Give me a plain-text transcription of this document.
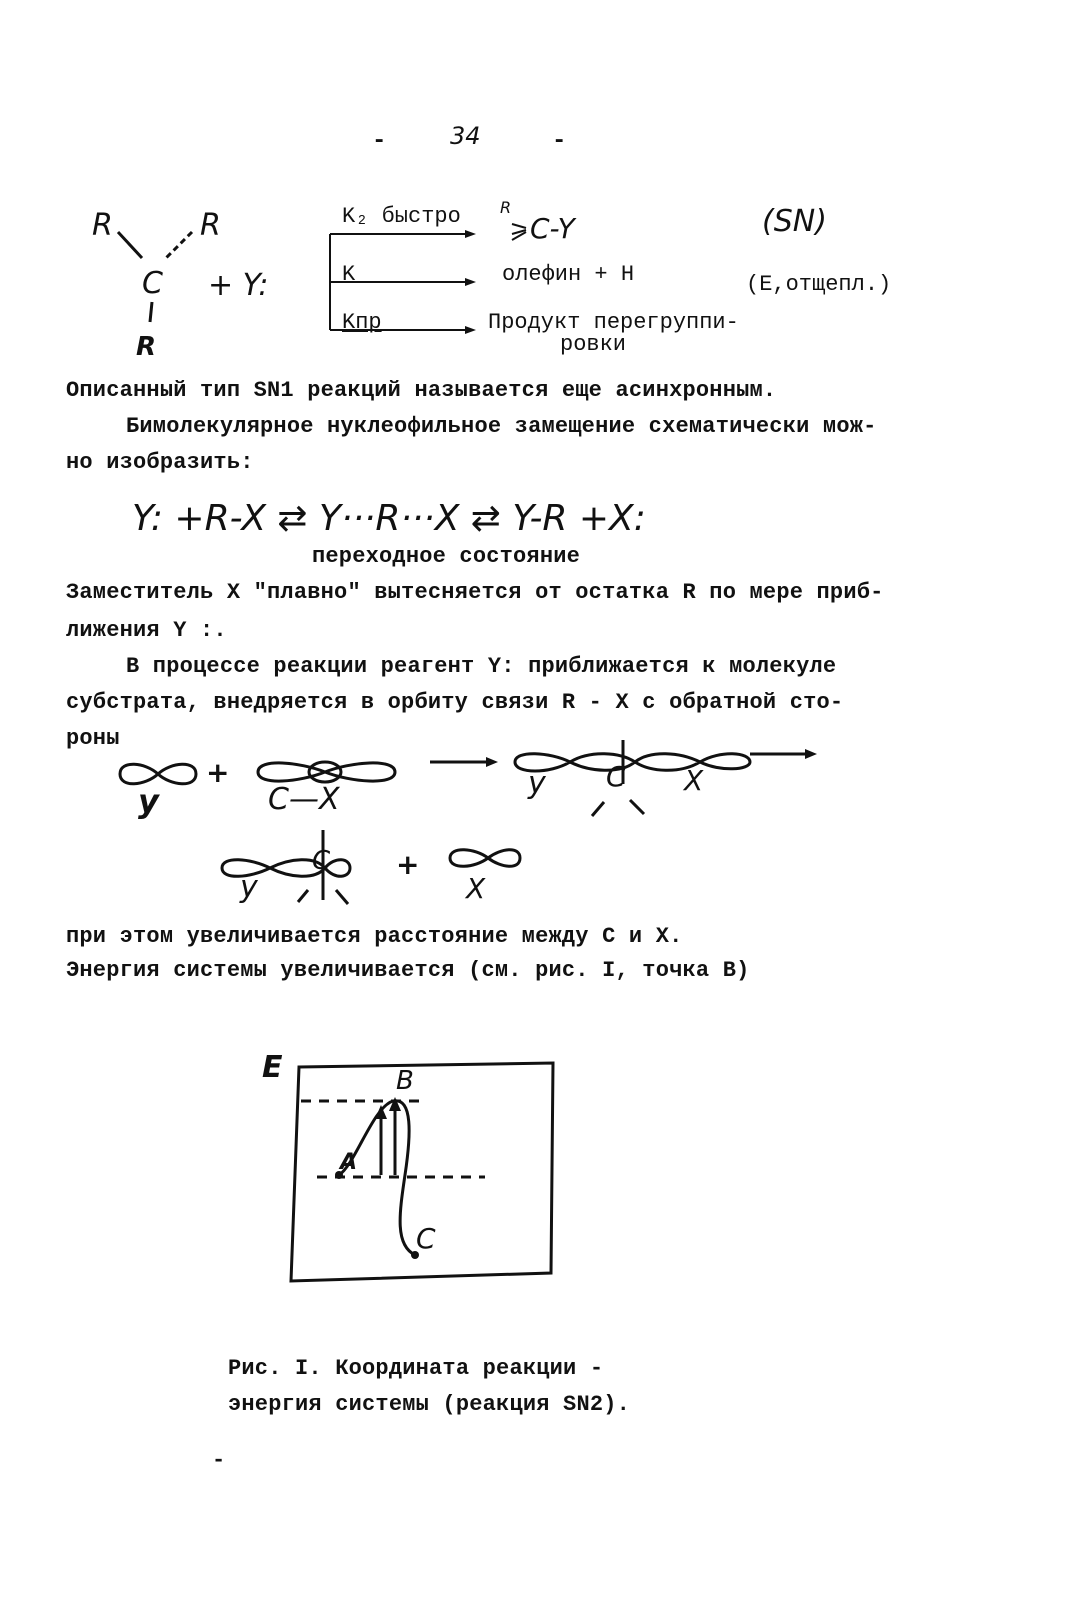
-	34	-
R	R
C
R
+ Y:
K₂ быстро R
C-Y	(SN)
K	олефин + H	(E,отщепл.)
Kпр	Продукт перегруппи-
ровки
Описанный тип SN1 реакций называется еще асинхронным.
Бимолекулярное нуклеофильное замещение схематически мож-
но изобразить:
Y: +R-X ⇄ Y···R···X ⇄ Y-R +X:
переходное состояние
Заместитель X "плавно" вытесняется от остатка R по мере приб-
лижения Y :.
В процессе реакции реагент Y: приближается к молекуле
субстрата, внедряется в орбиту связи R - X с обратной сто-
роны
y
+
C—X	y C X
y
C +
X
при этом увеличивается расстояние между C и X.
Энергия системы увеличивается (см. рис. I, точка В)
E
A
B
C
Рис. I. Координата реакции -
энергия системы (реакция SN2).
-
